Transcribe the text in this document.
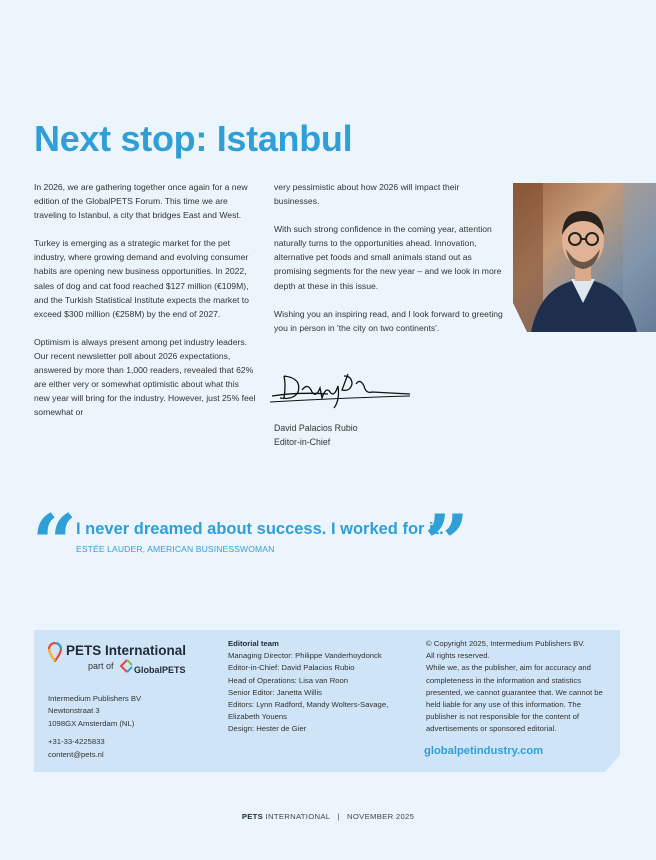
Next stop: Istanbul

In 2026, we are gathering together once again for a new edition of the GlobalPETS Forum. This time we are traveling to Istanbul, a city that bridges East and West.

Turkey is emerging as a strategic market for the pet industry, where growing demand and evolving consumer habits are opening new business opportunities. In 2022, sales of dog and cat food reached $127 million (€109M), and the Turkish Statistical Institute expects the market to exceed $300 million (€258M) by the end of 2027.

Optimism is always present among pet industry leaders. Our recent newsletter poll about 2026 expectations, answered by more than 1,000 readers, revealed that 62% are either very or somewhat optimistic about what this new year will bring for the industry. However, just 25% feel somewhat or

very pessimistic about how 2026 will impact their businesses.

With such strong confidence in the coming year, attention naturally turns to the opportunities ahead. Innovation, alternative pet foods and small animals stand out as promising segments for the new year – and we look in more depth at these in this issue.

Wishing you an inspiring read, and I look forward to greeting you in person in 'the city on two continents'.

David Palacios Rubio
Editor-in-Chief
“ I never dreamed about success. I worked for it.
”
ESTÉE LAUDER, AMERICAN BUSINESSWOMAN
PETS International
part of	GlobalPETS
Intermedium Publishers BV
Newtonstraat 3
1098GX Amsterdam (NL)
+31-33-4225833
content@pets.nl
Editorial team
Managing Director: Philippe Vanderhoydonck
Editor-in-Chief: David Palacios Rubio
Head of Operations: Lisa van Roon
Senior Editor: Janetta Willis
Editors: Lynn Radford, Mandy Wolters-Savage, Elizabeth Youens
Design: Hester de Gier
© Copyright 2025, Intermedium Publishers BV.
All rights reserved.
While we, as the publisher, aim for accuracy and completeness in the information and statistics presented, we cannot guarantee that. We cannot be held liable for any use of this information. The publisher is not responsible for the content of advertisements or sponsored editorial.
globalpetindustry.com
PETS INTERNATIONAL | NOVEMBER 2025
